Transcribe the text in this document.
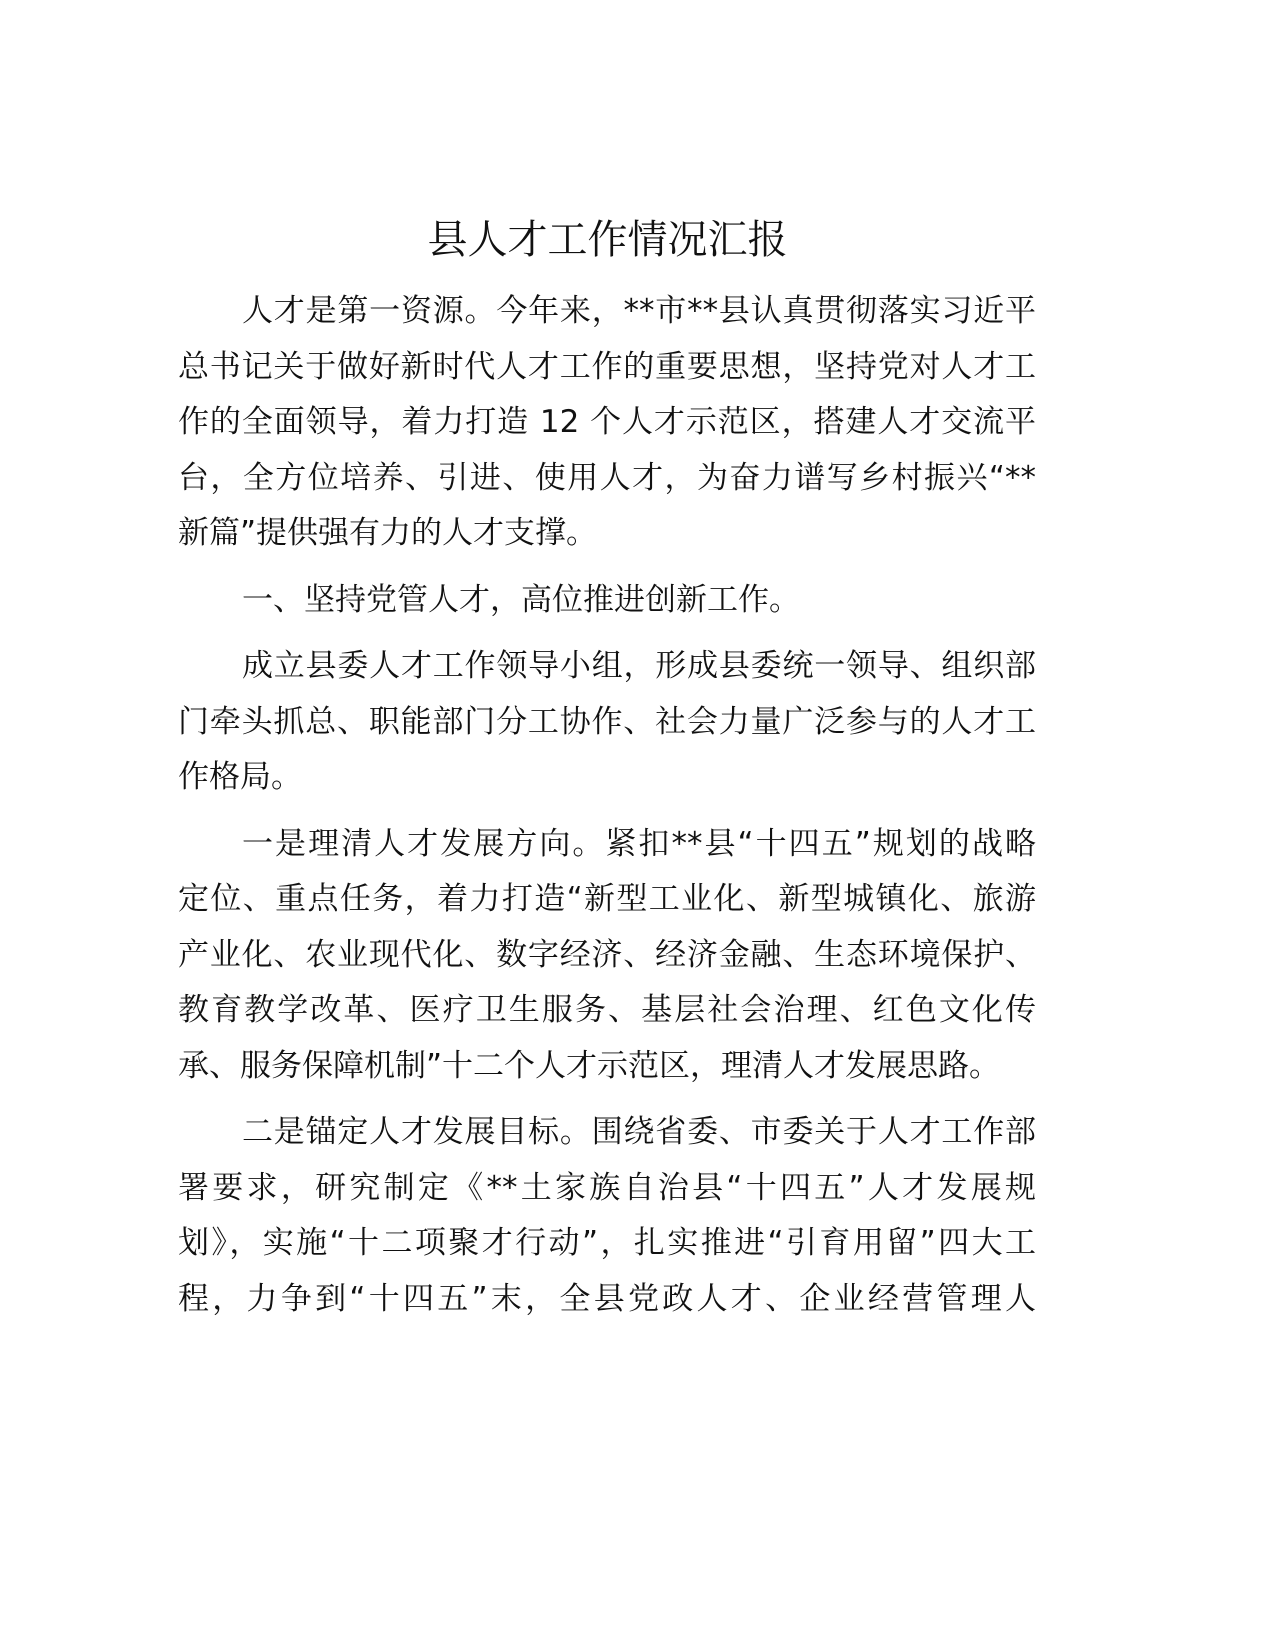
县人才工作情况汇报
人才是第一资源。今年来，**市**县认真贯彻落实习近平
总书记关于做好新时代人才工作的重要思想，坚持党对人才工
作的全面领导，着力打造 12 个人才示范区，搭建人才交流平
台，全方位培养、引进、使用人才，为奋力谱写乡村振兴“**
新篇”提供强有力的人才支撑。
一、坚持党管人才，高位推进创新工作。
成立县委人才工作领导小组，形成县委统一领导、组织部
门牵头抓总、职能部门分工协作、社会力量广泛参与的人才工
作格局。
一是理清人才发展方向。紧扣**县“十四五”规划的战略
定位、重点任务，着力打造“新型工业化、新型城镇化、旅游
产业化、农业现代化、数字经济、经济金融、生态环境保护、
教育教学改革、医疗卫生服务、基层社会治理、红色文化传
承、服务保障机制”十二个人才示范区，理清人才发展思路。
二是锚定人才发展目标。围绕省委、市委关于人才工作部
署要求，研究制定《**土家族自治县“十四五”人才发展规
划》，实施“十二项聚才行动”，扎实推进“引育用留”四大工
程，力争到“十四五”末，全县党政人才、企业经营管理人
